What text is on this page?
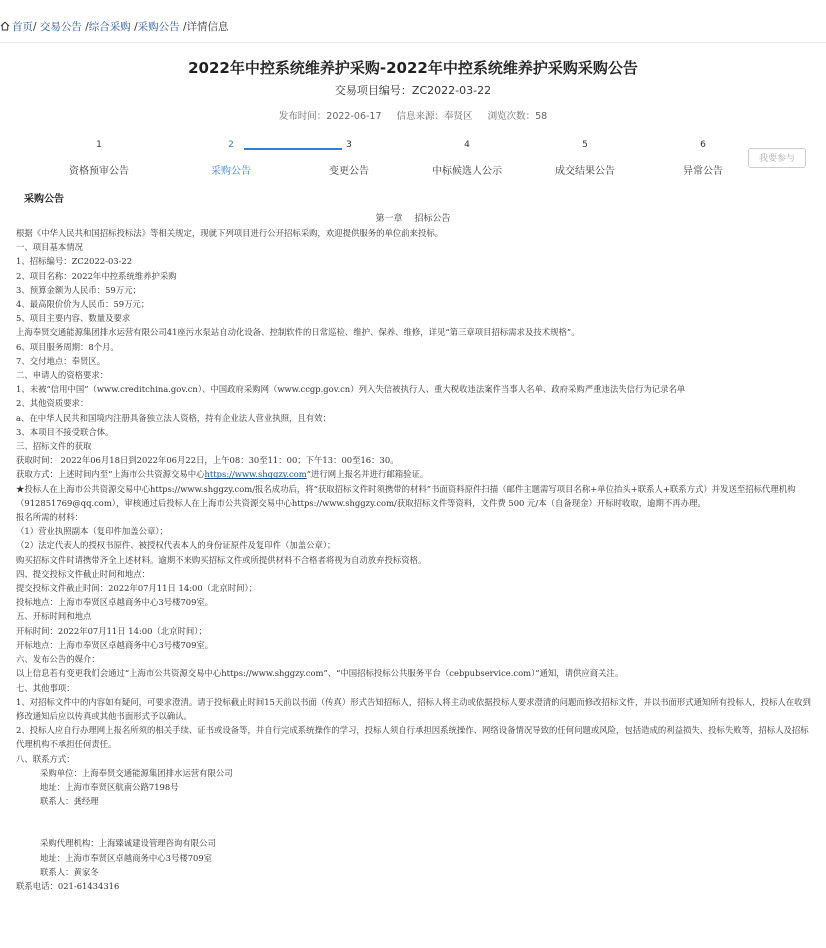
首页/ 交易公告 /综合采购 /采购公告 /详情信息
2022年中控系统维养护采购-2022年中控系统维养护采购采购公告
交易项目编号：ZC2022-03-22
发布时间：2022-06-17 信息来源：奉贤区 浏览次数：58
1
资格预审公告
2
采购公告
3
变更公告
4
中标候选人公示
5
成交结果公告
6
异常公告
我要参与
采购公告
第一章 招标公告
根据《中华人民共和国招标投标法》等相关规定，现就下列项目进行公开招标采购，欢迎提供服务的单位前来投标。
一、项目基本情况
1、招标编号：ZC2022-03-22
2、项目名称：2022年中控系统维养护采购
3、预算金额为人民币：59万元；
4、最高限价价为人民币：59万元；
5、项目主要内容、数量及要求
上海奉贤交通能源集团排水运营有限公司41座污水泵站自动化设备、控制软件的日常巡检、维护、保养、维修，详见“第三章项目招标需求及技术规格”。
6、项目服务周期：8个月。
7、交付地点：奉贤区。
二、申请人的资格要求：
1、未被“信用中国”（www.creditchina.gov.cn）、中国政府采购网（www.ccgp.gov.cn）列入失信被执行人、重大税收违法案件当事人名单、政府采购严重违法失信行为记录名单
2、其他资质要求：
a、在中华人民共和国境内注册具备独立法人资格，持有企业法人营业执照，且有效；
3、本项目不接受联合体。
三、招标文件的获取
获取时间： 2022年06月18日到2022年06月22日，上午08：30至11：00；下午13：00至16：30。
获取方式：上述时间内至“上海市公共资源交易中心https://www.shggzy.com”进行网上报名并进行邮箱验证。
★投标人在上海市公共资源交易中心https://www.shggzy.com/报名成功后，将“获取招标文件时须携带的材料”书面资料原件扫描（邮件主题需写项目名称+单位抬头+联系人+联系方式）并发送至招标代理机构（912851769@qq.com），审核通过后投标人在上海市公共资源交易中心https://www.shggzy.com/获取招标文件等资料，文件费 500 元/本（自备现金）开标时收取，逾期不再办理。
报名所需的材料：
（1）营业执照副本（复印件加盖公章）；
（2）法定代表人的授权书原件、被授权代表本人的身份证原件及复印件（加盖公章）；
购买招标文件时请携带齐全上述材料。逾期不来购买招标文件或所提供材料不合格者将视为自动放弃投标资格。
四、提交投标文件截止时间和地点：
提交投标文件截止时间：2022年07月11日 14:00（北京时间）；
投标地点：上海市奉贤区卓越商务中心3号楼709室。
五、开标时间和地点
开标时间：2022年07月11日 14:00（北京时间）；
开标地点：上海市奉贤区卓越商务中心3号楼709室。
六、发布公告的媒介：
以上信息若有变更我们会通过“上海市公共资源交易中心https://www.shggzy.com”、“中国招标投标公共服务平台（cebpubservice.com）”通知，请供应商关注。
七、其他事项：
1、对招标文件中的内容如有疑问，可要求澄清。请于投标截止时间15天前以书面（传真）形式告知招标人，招标人将主动或依据投标人要求澄清的问题而修改招标文件，并以书面形式通知所有投标人，投标人在收到修改通知后应以传真或其他书面形式予以确认。
2、投标人应自行办理网上报名所须的相关手续、证书或设备等，并自行完成系统操作的学习，投标人须自行承担因系统操作、网络设备情况导致的任何问题或风险，包括造成的利益损失、投标失败等，招标人及招标代理机构不承担任何责任。
八、联系方式：
采购单位：上海奉贤交通能源集团排水运营有限公司
地址：上海市奉贤区航南公路7198号
联系人：龚经理
采购代理机构：上海臻诚建设管理咨询有限公司
地址：上海市奉贤区卓越商务中心3号楼709室
联系人：黄家冬
联系电话：021-61434316
